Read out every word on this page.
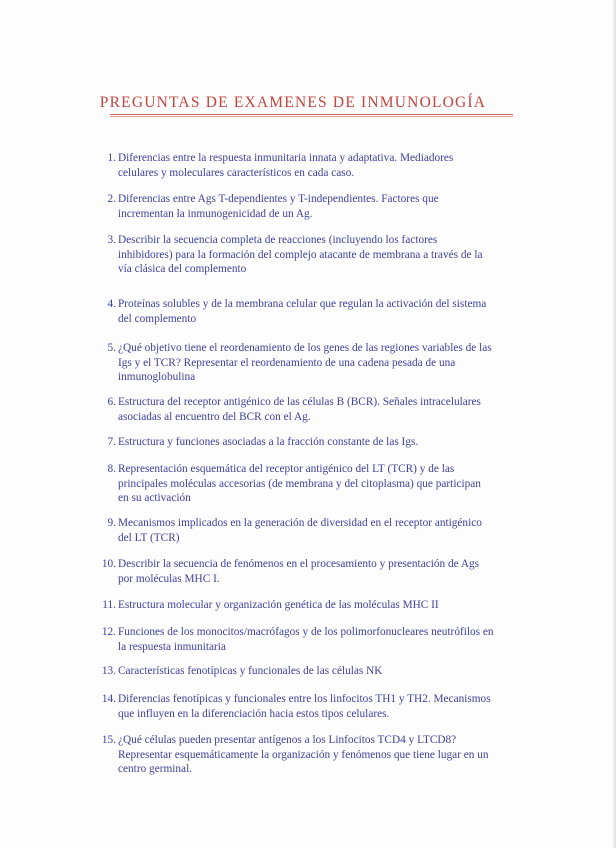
PREGUNTAS DE EXAMENES DE INMUNOLOGÍA
1. Diferencias entre la respuesta inmunitaria innata y adaptativa. Mediadores
celulares y moleculares característicos en cada caso.
2. Diferencias entre Ags T-dependientes y T-independientes. Factores que
incrementan la inmunogenicidad de un Ag.
3. Describir la secuencia completa de reacciones (incluyendo los factores
inhibidores) para la formación del complejo atacante de membrana a través de la
vía clásica del complemento
4. Proteínas solubles y de la membrana celular que regulan la activación del sistema
del complemento
5. ¿Qué objetivo tiene el reordenamiento de los genes de las regiones variables de las
Igs y el TCR? Representar el reordenamiento de una cadena pesada de una
inmunoglobulina
6. Estructura del receptor antigénico de las células B (BCR). Señales intracelulares
asociadas al encuentro del BCR con el Ag.
7. Estructura y funciones asociadas a la fracción constante de las Igs.
8. Representación esquemática del receptor antigénico del LT (TCR) y de las
principales moléculas accesorias (de membrana y del citoplasma) que participan
en su activación
9. Mecanismos implicados en la generación de diversidad en el receptor antigénico
del LT (TCR)
10. Describir la secuencia de fenómenos en el procesamiento y presentación de Ags
por moléculas MHC I.
11. Estructura molecular y organización genética de las moléculas MHC II
12. Funciones de los monocitos/macrófagos y de los polimorfonucleares neutrófilos en
la respuesta inmunitaria
13. Características fenotípicas y funcionales de las células NK
14. Diferencias fenotípicas y funcionales entre los linfocitos TH1 y TH2. Mecanismos
que influyen en la diferenciación hacia estos tipos celulares.
15. ¿Qué células pueden presentar antígenos a los Linfocitos TCD4 y LTCD8?
Representar esquemáticamente la organización y fenómenos que tiene lugar en un
centro germinal.
